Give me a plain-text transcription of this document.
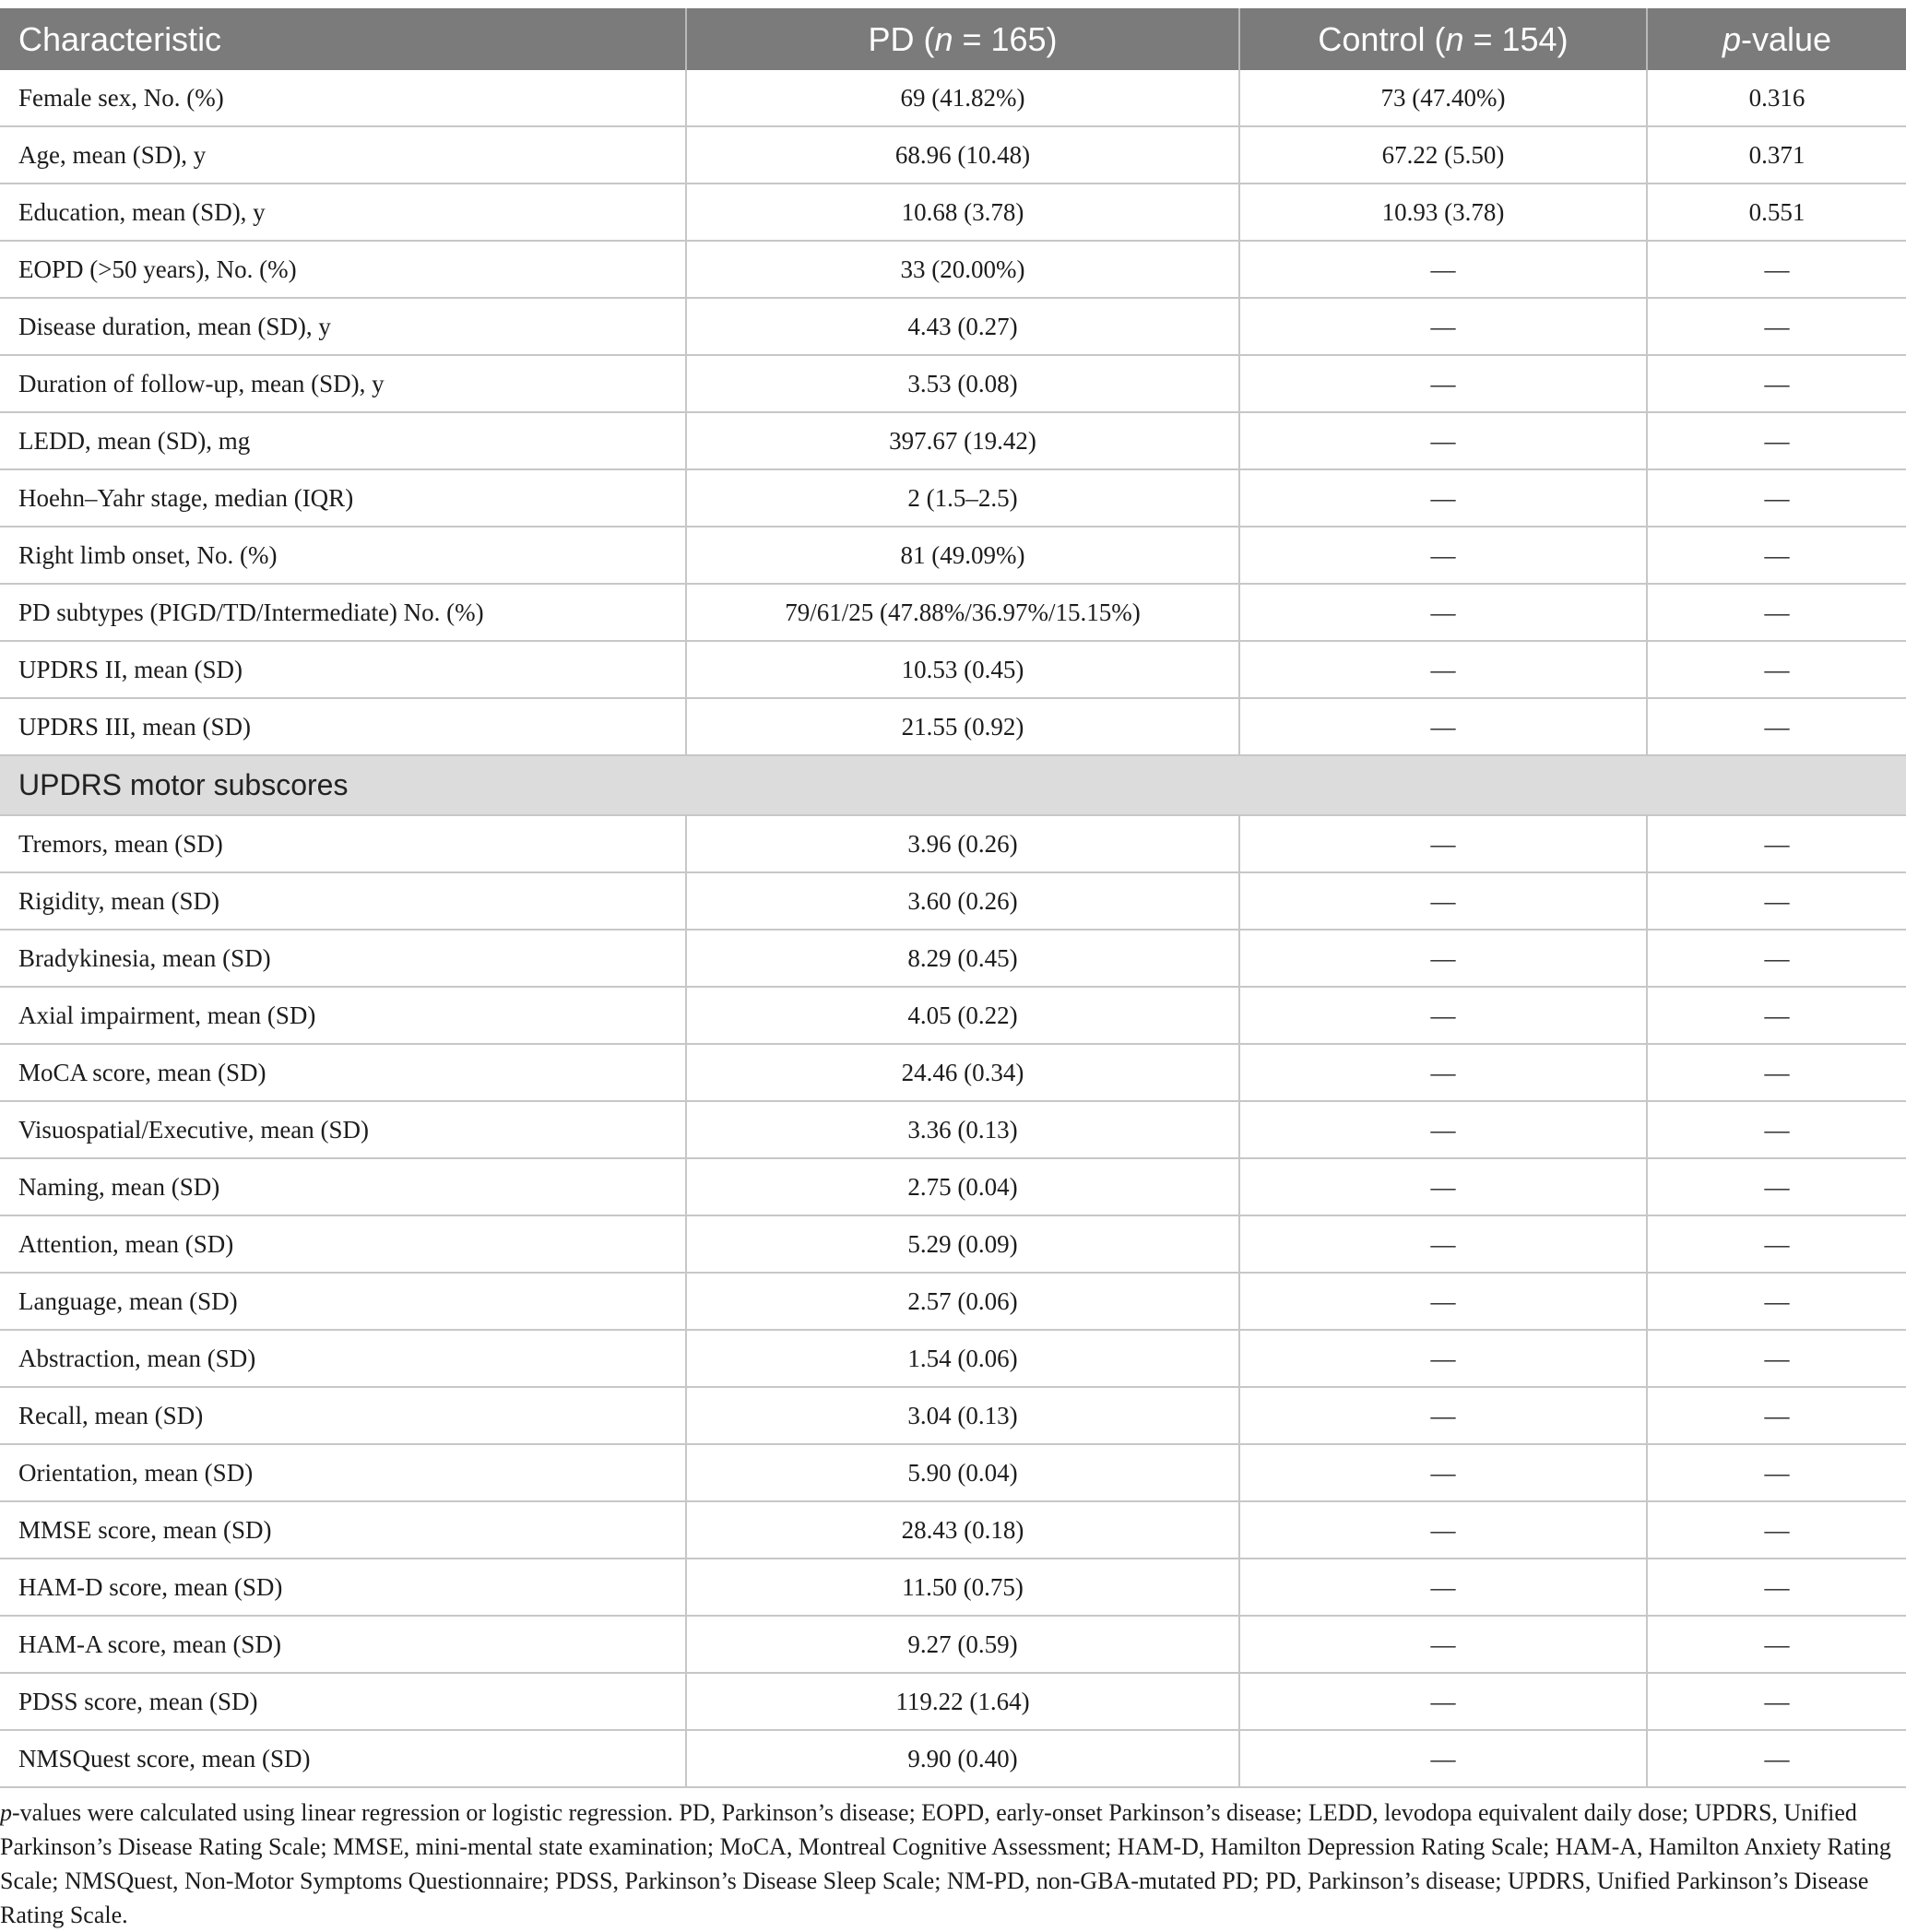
Characteristic	PD (n = 165)	Control (n = 154)	p-value
Female sex, No. (%)	69 (41.82%)	73 (47.40%)	0.316
Age, mean (SD), y	68.96 (10.48)	67.22 (5.50)	0.371
Education, mean (SD), y	10.68 (3.78)	10.93 (3.78)	0.551
EOPD (>50 years), No. (%)	33 (20.00%)	—	—
Disease duration, mean (SD), y	4.43 (0.27)	—	—
Duration of follow-up, mean (SD), y	3.53 (0.08)	—	—
LEDD, mean (SD), mg	397.67 (19.42)	—	—
Hoehn–Yahr stage, median (IQR)	2 (1.5–2.5)	—	—
Right limb onset, No. (%)	81 (49.09%)	—	—
PD subtypes (PIGD/TD/Intermediate) No. (%)	79/61/25 (47.88%/36.97%/15.15%)	—	—
UPDRS II, mean (SD)	10.53 (0.45)	—	—
UPDRS III, mean (SD)	21.55 (0.92)	—	—
UPDRS motor subscores			
Tremors, mean (SD)	3.96 (0.26)	—	—
Rigidity, mean (SD)	3.60 (0.26)	—	—
Bradykinesia, mean (SD)	8.29 (0.45)	—	—
Axial impairment, mean (SD)	4.05 (0.22)	—	—
MoCA score, mean (SD)	24.46 (0.34)	—	—
Visuospatial/Executive, mean (SD)	3.36 (0.13)	—	—
Naming, mean (SD)	2.75 (0.04)	—	—
Attention, mean (SD)	5.29 (0.09)	—	—
Language, mean (SD)	2.57 (0.06)	—	—
Abstraction, mean (SD)	1.54 (0.06)	—	—
Recall, mean (SD)	3.04 (0.13)	—	—
Orientation, mean (SD)	5.90 (0.04)	—	—
MMSE score, mean (SD)	28.43 (0.18)	—	—
HAM-D score, mean (SD)	11.50 (0.75)	—	—
HAM-A score, mean (SD)	9.27 (0.59)	—	—
PDSS score, mean (SD)	119.22 (1.64)	—	—
NMSQuest score, mean (SD)	9.90 (0.40)	—	—

p-values were calculated using linear regression or logistic regression. PD, Parkinson’s disease; EOPD, early-onset Parkinson’s disease; LEDD, levodopa equivalent daily dose; UPDRS, Unified Parkinson’s Disease Rating Scale; MMSE, mini-mental state examination; MoCA, Montreal Cognitive Assessment; HAM-D, Hamilton Depression Rating Scale; HAM-A, Hamilton Anxiety Rating Scale; NMSQuest, Non-Motor Symptoms Questionnaire; PDSS, Parkinson’s Disease Sleep Scale; NM-PD, non-GBA-mutated PD; PD, Parkinson’s disease; UPDRS, Unified Parkinson’s Disease Rating Scale.
